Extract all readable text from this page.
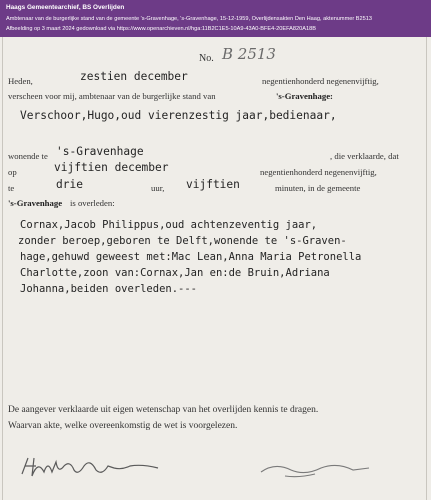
Haags Gemeentearchief, BS Overlijden
Ambtenaar van de burgerlijke stand van de gemeente 's-Gravenhage, 's-Gravenhage, 15-12-1959, Overlijdensakten Den Haag, aktenummer B2513
Afbeelding op 3 maart 2024 gedownload via https://www.openarchieven.nl/hga:11B2C1E5-10A9-43A0-BFE4-20EFA820A18B
No. B 2513
Heden,	zestien december	negentienhonderd negenenvijftig,
verscheen voor mij, ambtenaar van de burgerlijke stand van	's-Gravenhage:
Verschoor,Hugo,oud vierenzestig jaar,bedienaar,
wonende te 's-Gravenhage	, die verklaarde, dat
op	vijftien december	negentienhonderd negenenvijftig,
te	drie	uur, vijftien	minuten, in de gemeente
's-Gravenhage is overleden:
Cornax,Jacob Philippus,oud achtenzeventig jaar,
zonder beroep,geboren te Delft,wonende te 's-Graven-
hage,gehuwd geweest met:Mac Lean,Anna Maria Petronella
Charlotte,zoon van:Cornax,Jan en:de Bruin,Adriana
Johanna,beiden overleden.---
De aangever verklaarde uit eigen wetenschap van het overlijden kennis te dragen.
Waarvan akte, welke overeenkomstig de wet is voorgelezen.
